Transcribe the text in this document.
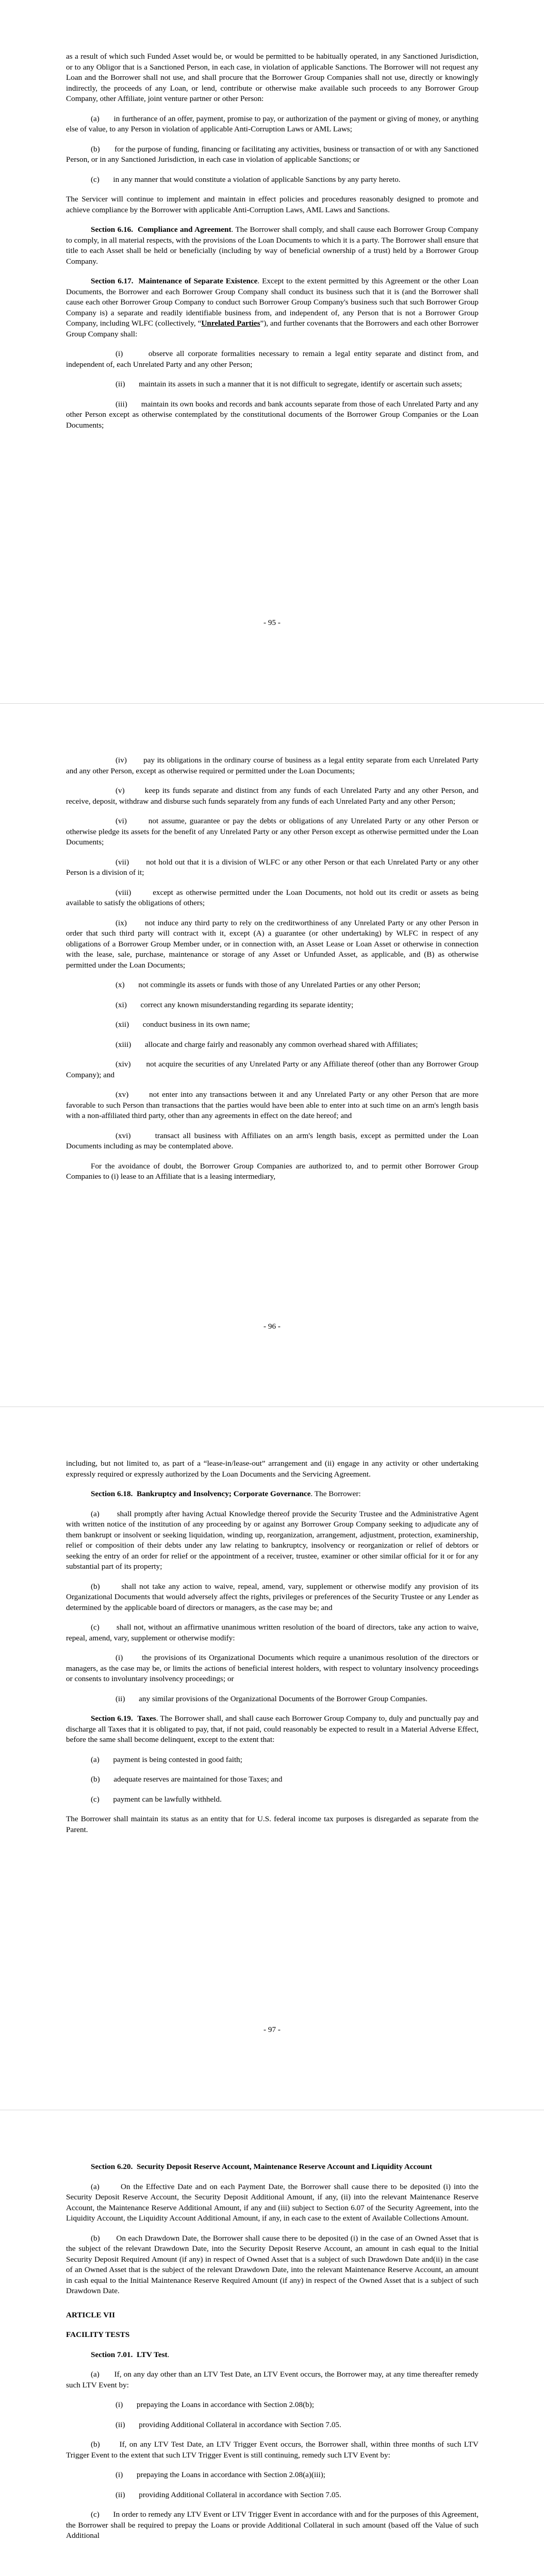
as a result of which such Funded Asset would be, or would be permitted to be habitually operated, in any Sanctioned Jurisdiction, or to any Obligor that is a Sanctioned Person, in each case, in violation of applicable Sanctions. The Borrower will not request any Loan and the Borrower shall not use, and shall procure that the Borrower Group Companies shall not use, directly or knowingly indirectly, the proceeds of any Loan, or lend, contribute or otherwise make available such proceeds to any Borrower Group Company, other Affiliate, joint venture partner or other Person:

(a)       in furtherance of an offer, payment, promise to pay, or authorization of the payment or giving of money, or anything else of value, to any Person in violation of applicable Anti-Corruption Laws or AML Laws;

(b)       for the purpose of funding, financing or facilitating any activities, business or transaction of or with any Sanctioned Person, or in any Sanctioned Jurisdiction, in each case in violation of applicable Sanctions; or

(c)       in any manner that would constitute a violation of applicable Sanctions by any party hereto.

The Servicer will continue to implement and maintain in effect policies and procedures reasonably designed to promote and achieve compliance by the Borrower with applicable Anti-Corruption Laws, AML Laws and Sanctions.

Section 6.16.  Compliance and Agreement. The Borrower shall comply, and shall cause each Borrower Group Company to comply, in all material respects, with the provisions of the Loan Documents to which it is a party. The Borrower shall ensure that title to each Asset shall be held or beneficially (including by way of beneficial ownership of a trust) held by a Borrower Group Company.

Section 6.17.  Maintenance of Separate Existence. Except to the extent permitted by this Agreement or the other Loan Documents, the Borrower and each Borrower Group Company shall conduct its business such that it is (and the Borrower shall cause each other Borrower Group Company to conduct such Borrower Group Company's business such that such Borrower Group Company is) a separate and readily identifiable business from, and independent of, any Person that is not a Borrower Group Company, including WLFC (collectively, “Unrelated Parties”), and further covenants that the Borrowers and each other Borrower Group Company shall:

(i)       observe all corporate formalities necessary to remain a legal entity separate and distinct from, and independent of, each Unrelated Party and any other Person;

(ii)       maintain its assets in such a manner that it is not difficult to segregate, identify or ascertain such assets;

(iii)       maintain its own books and records and bank accounts separate from those of each Unrelated Party and any other Person except as otherwise contemplated by the constitutional documents of the Borrower Group Companies or the Loan Documents;

- 95 -

(iv)       pay its obligations in the ordinary course of business as a legal entity separate from each Unrelated Party and any other Person, except as otherwise required or permitted under the Loan Documents;

(v)       keep its funds separate and distinct from any funds of each Unrelated Party and any other Person, and receive, deposit, withdraw and disburse such funds separately from any funds of each Unrelated Party and any other Person;

(vi)       not assume, guarantee or pay the debts or obligations of any Unrelated Party or any other Person or otherwise pledge its assets for the benefit of any Unrelated Party or any other Person except as otherwise permitted under the Loan Documents;

(vii)       not hold out that it is a division of WLFC or any other Person or that each Unrelated Party or any other Person is a division of it;

(viii)       except as otherwise permitted under the Loan Documents, not hold out its credit or assets as being available to satisfy the obligations of others;

(ix)       not induce any third party to rely on the creditworthiness of any Unrelated Party or any other Person in order that such third party will contract with it, except (A) a guarantee (or other undertaking) by WLFC in respect of any obligations of a Borrower Group Member under, or in connection with, an Asset Lease or Loan Asset or otherwise in connection with the lease, sale, purchase, maintenance or storage of any Asset or Unfunded Asset, as applicable, and (B) as otherwise permitted under the Loan Documents;

(x)       not commingle its assets or funds with those of any Unrelated Parties or any other Person;

(xi)       correct any known misunderstanding regarding its separate identity;

(xii)       conduct business in its own name;

(xiii)       allocate and charge fairly and reasonably any common overhead shared with Affiliates;

(xiv)       not acquire the securities of any Unrelated Party or any Affiliate thereof (other than any Borrower Group Company); and

(xv)       not enter into any transactions between it and any Unrelated Party or any other Person that are more favorable to such Person than transactions that the parties would have been able to enter into at such time on an arm's length basis with a non-affiliated third party, other than any agreements in effect on the date hereof; and

(xvi)       transact all business with Affiliates on an arm's length basis, except as permitted under the Loan Documents including as may be contemplated above.

For the avoidance of doubt, the Borrower Group Companies are authorized to, and to permit other Borrower Group Companies to (i) lease to an Affiliate that is a leasing intermediary,

- 96 -

including, but not limited to, as part of a “lease-in/lease-out” arrangement and (ii) engage in any activity or other undertaking expressly required or expressly authorized by the Loan Documents and the Servicing Agreement.

Section 6.18.  Bankruptcy and Insolvency; Corporate Governance. The Borrower:

(a)       shall promptly after having Actual Knowledge thereof provide the Security Trustee and the Administrative Agent with written notice of the institution of any proceeding by or against any Borrower Group Company seeking to adjudicate any of them bankrupt or insolvent or seeking liquidation, winding up, reorganization, arrangement, adjustment, protection, examinership, relief or composition of their debts under any law relating to bankruptcy, insolvency or reorganization or relief of debtors or seeking the entry of an order for relief or the appointment of a receiver, trustee, examiner or other similar official for it or for any substantial part of its property;

(b)       shall not take any action to waive, repeal, amend, vary, supplement or otherwise modify any provision of its Organizational Documents that would adversely affect the rights, privileges or preferences of the Security Trustee or any Lender as determined by the applicable board of directors or managers, as the case may be; and

(c)       shall not, without an affirmative unanimous written resolution of the board of directors, take any action to waive, repeal, amend, vary, supplement or otherwise modify:

(i)       the provisions of its Organizational Documents which require a unanimous resolution of the directors or managers, as the case may be, or limits the actions of beneficial interest holders, with respect to voluntary insolvency proceedings or consents to involuntary insolvency proceedings; or

(ii)       any similar provisions of the Organizational Documents of the Borrower Group Companies.

Section 6.19.  Taxes. The Borrower shall, and shall cause each Borrower Group Company to, duly and punctually pay and discharge all Taxes that it is obligated to pay, that, if not paid, could reasonably be expected to result in a Material Adverse Effect, before the same shall become delinquent, except to the extent that:

(a)       payment is being contested in good faith;

(b)       adequate reserves are maintained for those Taxes; and

(c)       payment can be lawfully withheld.

The Borrower shall maintain its status as an entity that for U.S. federal income tax purposes is disregarded as separate from the Parent.

- 97 -

Section 6.20.  Security Deposit Reserve Account, Maintenance Reserve Account and Liquidity Account

(a)       On the Effective Date and on each Payment Date, the Borrower shall cause there to be deposited (i) into the Security Deposit Reserve Account, the Security Deposit Additional Amount, if any, (ii) into the relevant Maintenance Reserve Account, the Maintenance Reserve Additional Amount, if any and (iii) subject to Section 6.07 of the Security Agreement, into the Liquidity Account, the Liquidity Account Additional Amount, if any, in each case to the extent of Available Collections Amount.

(b)       On each Drawdown Date, the Borrower shall cause there to be deposited (i) in the case of an Owned Asset that is the subject of the relevant Drawdown Date, into the Security Deposit Reserve Account, an amount in cash equal to the Initial Security Deposit Required Amount (if any) in respect of Owned Asset that is a subject of such Drawdown Date and(ii) in the case of an Owned Asset that is the subject of the relevant Drawdown Date, into the relevant Maintenance Reserve Account, an amount in cash equal to the Initial Maintenance Reserve Required Amount (if any) in respect of the Owned Asset that is a subject of such Drawdown Date.

ARTICLE VII

FACILITY TESTS

Section 7.01.  LTV Test.

(a)       If, on any day other than an LTV Test Date, an LTV Event occurs, the Borrower may, at any time thereafter remedy such LTV Event by:

(i)       prepaying the Loans in accordance with Section 2.08(b);

(ii)       providing Additional Collateral in accordance with Section 7.05.

(b)       If, on any LTV Test Date, an LTV Trigger Event occurs, the Borrower shall, within three months of such LTV Trigger Event to the extent that such LTV Trigger Event is still continuing, remedy such LTV Event by:

(i)       prepaying the Loans in accordance with Section 2.08(a)(iii);

(ii)       providing Additional Collateral in accordance with Section 7.05.

(c)       In order to remedy any LTV Event or LTV Trigger Event in accordance with and for the purposes of this Agreement, the Borrower shall be required to prepay the Loans or provide Additional Collateral in such amount (based off the Value of such Additional
